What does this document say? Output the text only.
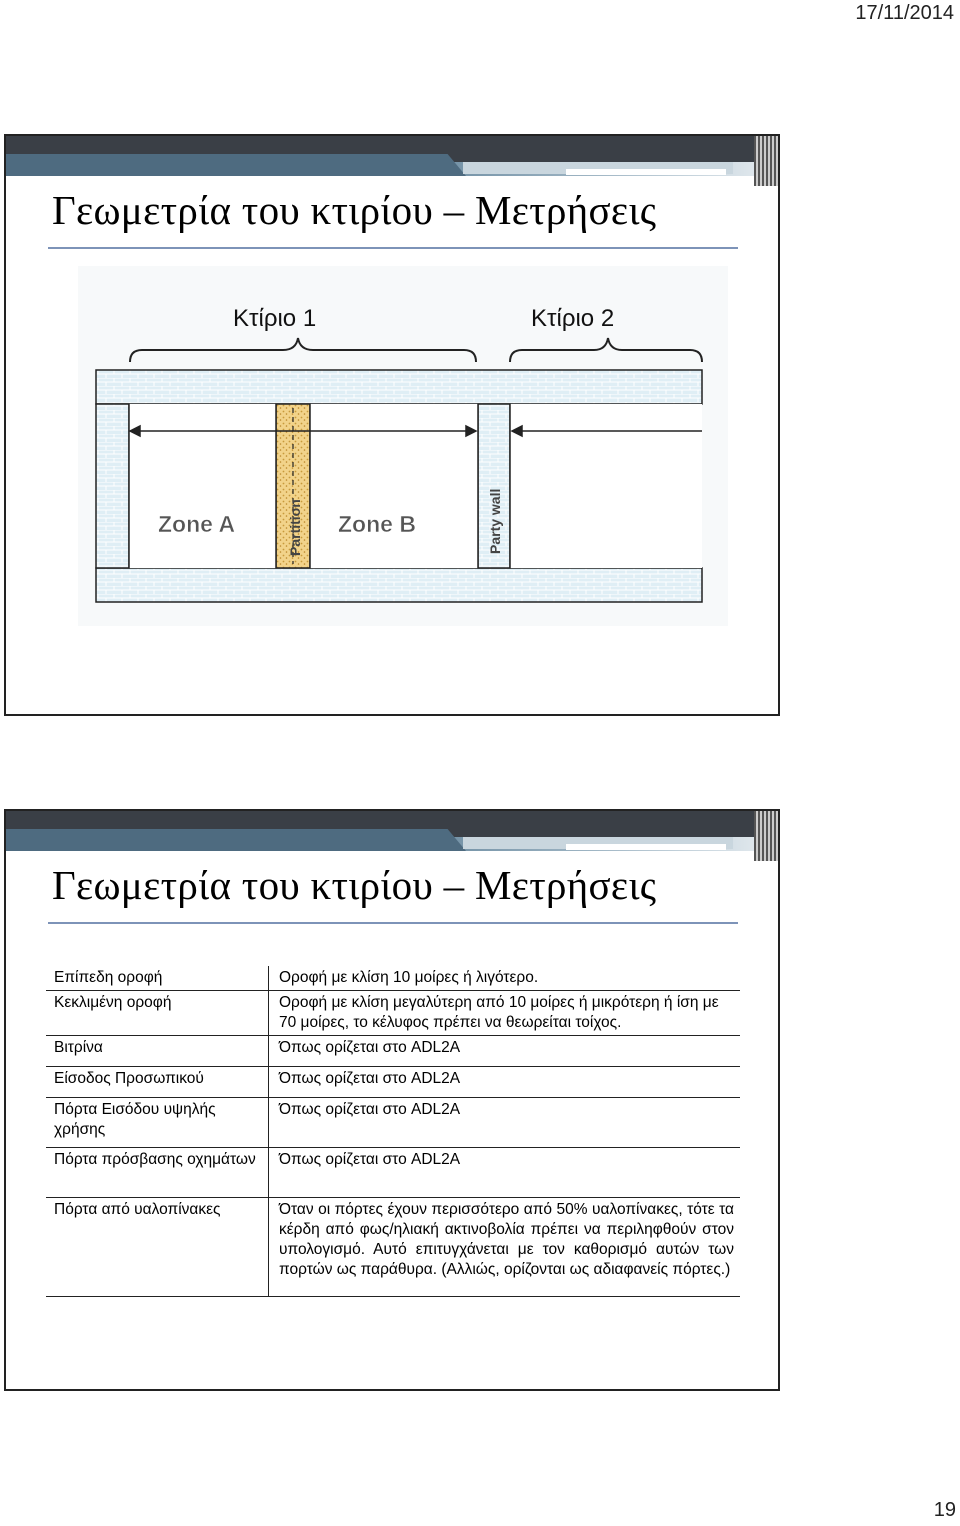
17/11/2014
Γεωμετρία του κτιρίου – Μετρήσεις
Κτίριο 1	Κτίριο 2
Zone A	Zone B
Partition	Party wall
Γεωμετρία του κτιρίου – Μετρήσεις
Επίπεδη οροφή	Οροφή με κλίση 10 μοίρες ή λιγότερο.
Κεκλιμένη οροφή	Οροφή με κλίση μεγαλύτερη από 10 μοίρες ή μικρότερη ή ίση με 70 μοίρες, το κέλυφος πρέπει να θεωρείται τοίχος.
Βιτρίνα	Όπως ορίζεται στο ADL2A
Είσοδος Προσωπικού	Όπως ορίζεται στο ADL2A
Πόρτα Εισόδου υψηλής χρήσης	Όπως ορίζεται στο ADL2A
Πόρτα πρόσβασης οχημάτων	Όπως ορίζεται στο ADL2A
Πόρτα από υαλοπίνακες	Όταν οι πόρτες έχουν περισσότερο από 50% υαλοπίνακες, τότε τα κέρδη από φως/ηλιακή ακτινοβολία πρέπει να περιληφθούν στον υπολογισμό. Αυτό επιτυγχάνεται με τον καθορισμό αυτών των πορτών ως παράθυρα. (Αλλιώς, ορίζονται ως αδιαφανείς πόρτες.)
19
